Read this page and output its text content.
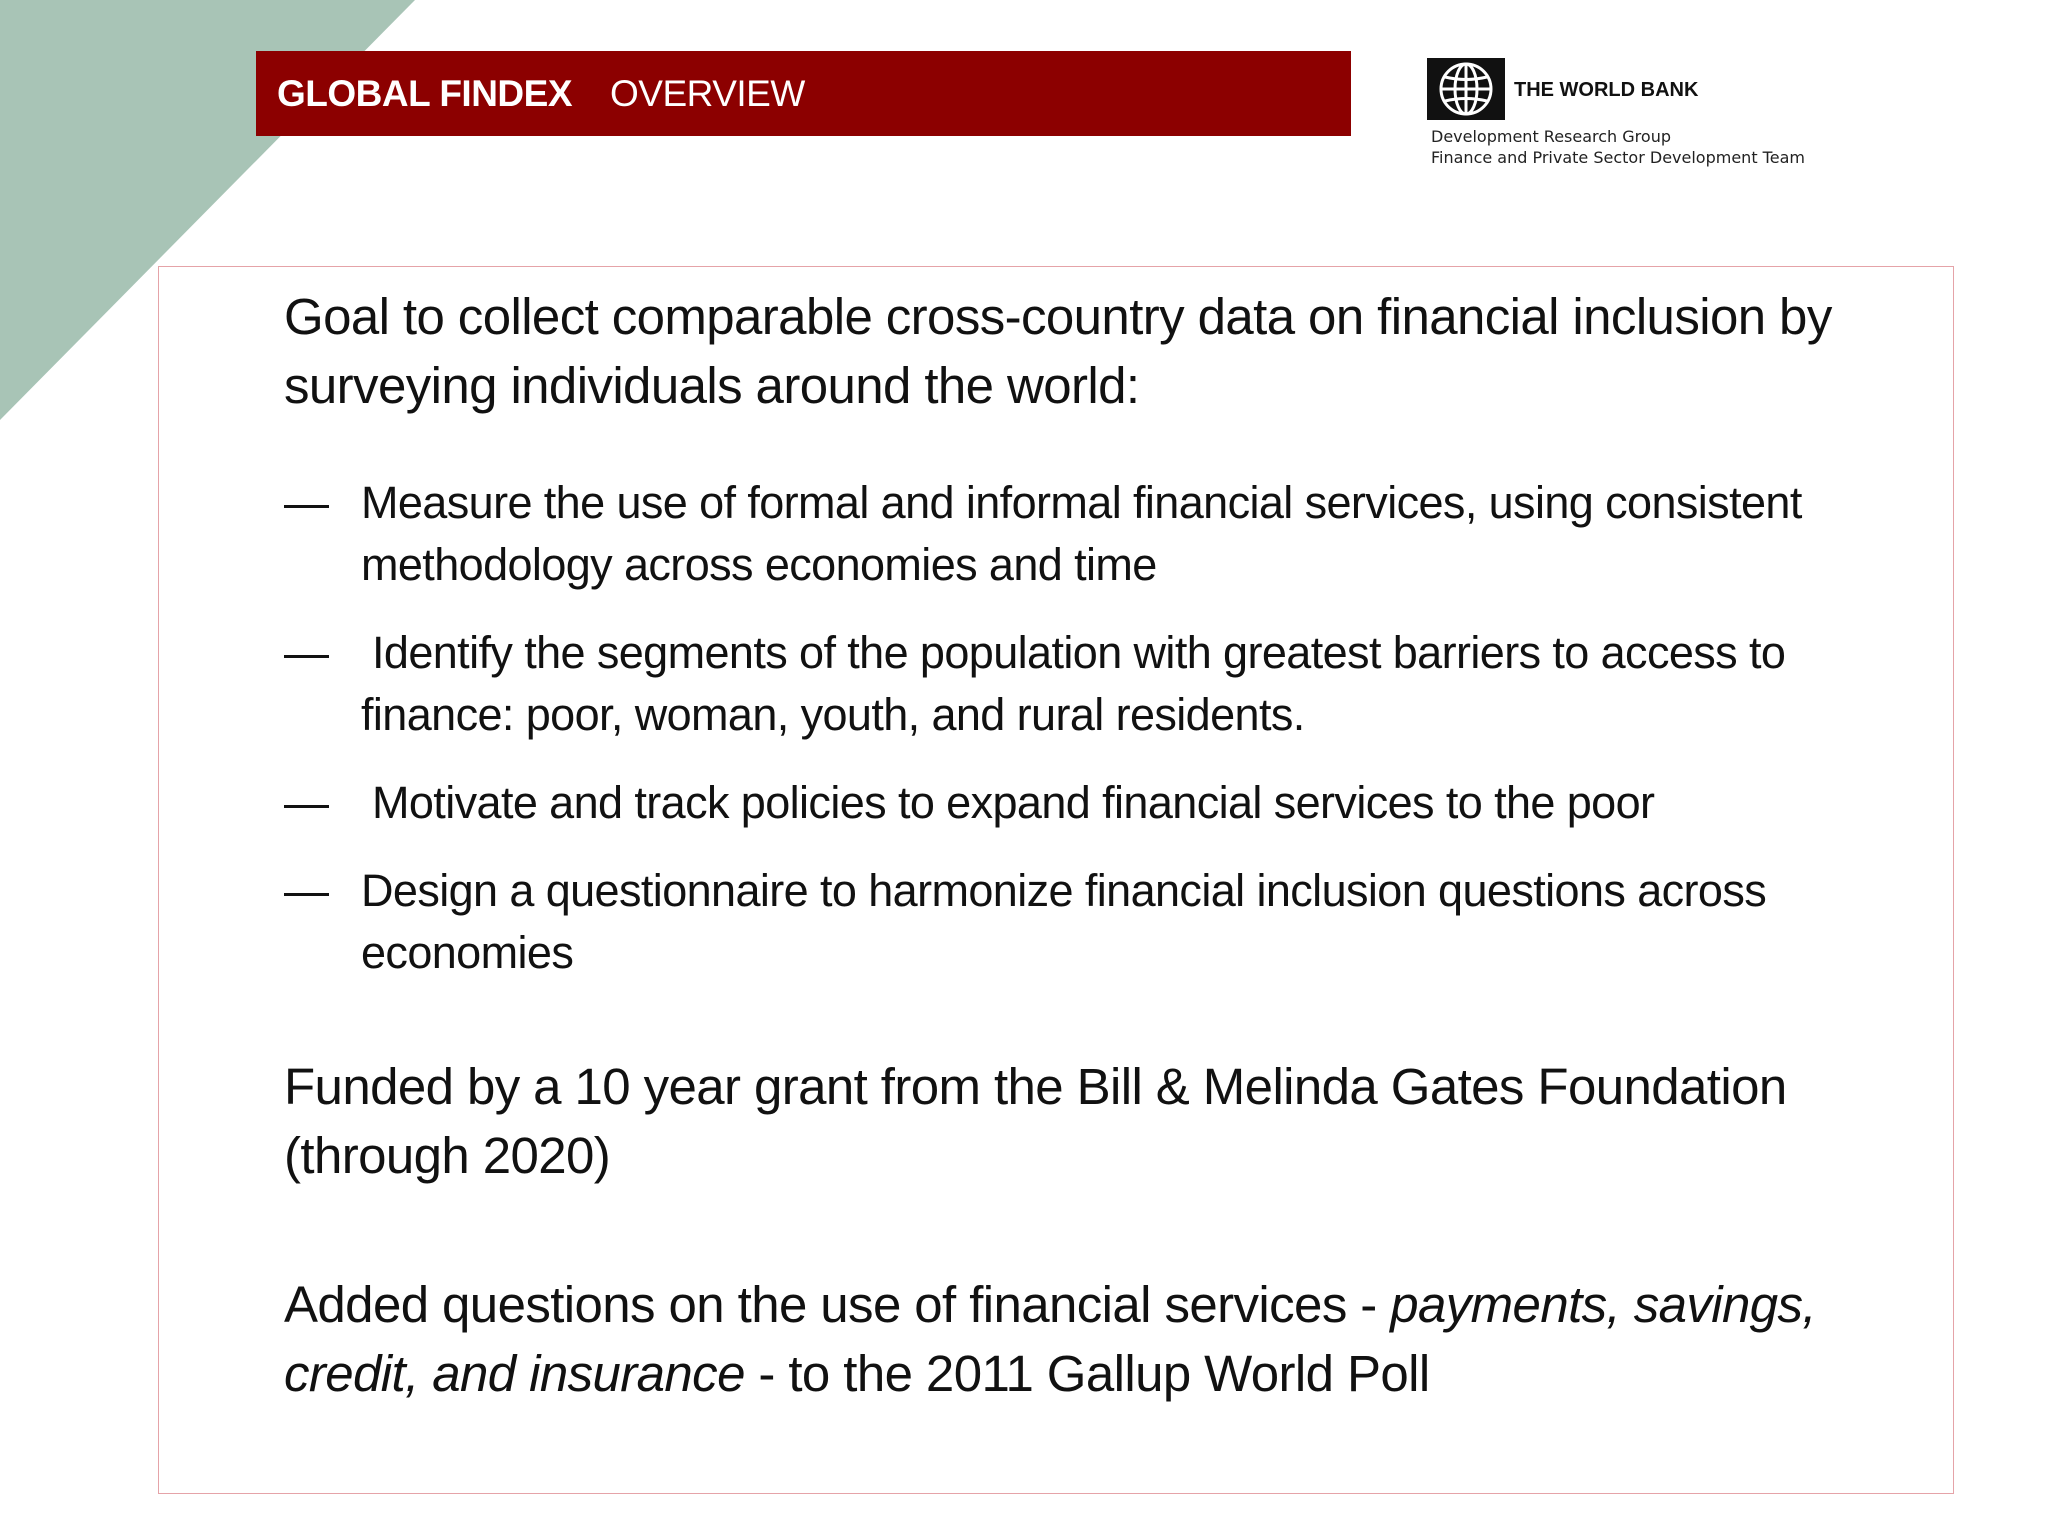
GLOBAL FINDEX OVERVIEW	THE WORLD BANK
Development Research Group
Finance and Private Sector Development Team

Goal to collect comparable cross-country data on financial inclusion by surveying individuals around the world:

— Measure the use of formal and informal financial services, using consistent methodology across economies and time
— Identify the segments of the population with greatest barriers to access to finance: poor, woman, youth, and rural residents.
— Motivate and track policies to expand financial services to the poor
— Design a questionnaire to harmonize financial inclusion questions across economies

Funded by a 10 year grant from the Bill & Melinda Gates Foundation (through 2020)

Added questions on the use of financial services - payments, savings, credit, and insurance - to the 2011 Gallup World Poll
